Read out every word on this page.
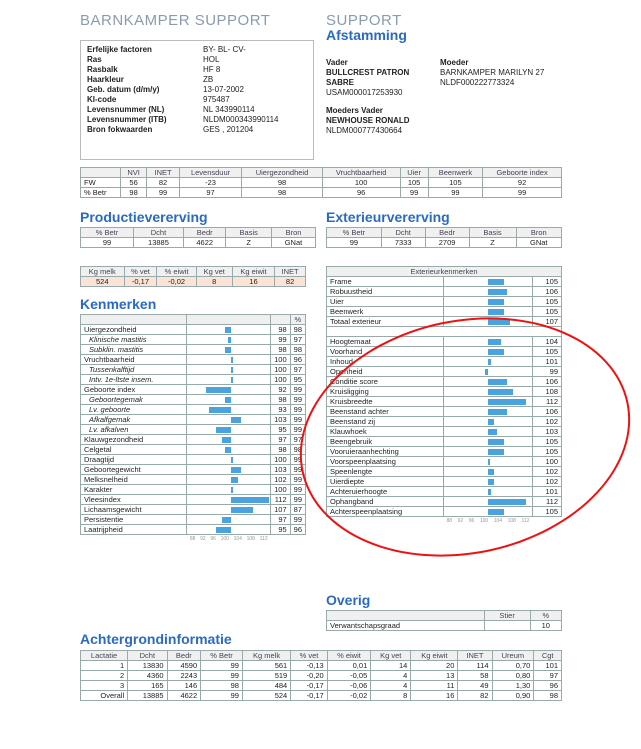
BARNKAMPER SUPPORT	SUPPORT
Afstamming
Erfelijke factoren	BY- BL- CV-
Ras	HOL
Rasbalk	HF 8
Haarkleur	ZB
Geb. datum (d/m/y)	13-07-2002
KI-code	975487
Levensnummer (NL)	NL 343990114
Levensnummer (ITB)	NLDM000343990114
Bron fokwaarden	GES , 201204
Vader
BULLCREST PATRON
SABRE
USAM000017253930
Moeders Vader
NEWHOUSE RONALD
NLDM000777430664
Moeder
BARNKAMPER MARILYN 27
NLDF000222773324
	NVI	INET	Levensduur	Uiergezondheid	Vruchtbaarheid	Uier	Beenwerk	Geboorte index
FW	56	82	-23	98	100	105	105	92
% Betr	98	99	97	98	96	99	99	99
Productievererving
% Betr	Dcht	Bedr	Basis	Bron
99	13885	4622	Z	GNat
Exterieurvererving
% Betr	Dcht	Bedr	Basis	Bron
99	7333	2709	Z	GNat
Kg melk	% vet	% eiwit	Kg vet	Kg eiwit	INET
524	-0,17	-0,02	8	16	82
Kenmerken
			%
Uiergezondheid		98	98
Klinische mastitis		99	97
Subklin. mastitis		98	98
Vruchtbaarheid		100	96
Tussenkalftijd		100	97
Intv. 1e-ltste insem.		100	95
Geboorte index		92	99
Geboortegemak		98	99
Lv. geboorte		93	99
Afkalfgemak		103	99
Lv. afkalven		95	99
Klauwgezondheid		97	97
Celgetal		98	98
Draagtijd		100	99
Geboortegewicht		103	99
Melksnelheid		102	99
Karakter		100	99
Vleesindex		112	99
Lichaamsgewicht		107	87
Persistentie		97	99
Laatrijpheid		95	96

88 92 96 100 104 108 112
Exterieurkenmerken		
Frame		105
Robuustheid		106
Uier		105
Beenwerk		105
Totaal exterieur		107

Hoogtemaat		104
Voorhand		105
Inhoud		101
Openheid		99
Conditie score		106
Kruisligging		108
Kruisbreedte		112
Beenstand achter		106
Beenstand zij		102
Klauwhoek		103
Beengebruik		105
Vooruieraanhechting		105
Voorspeenplaatsing		100
Speenlengte		102
Uierdiepte		102
Achteruierhoogte		101
Ophangband		112
Achterspeenplaatsing		105

88 92 96 100 104 108 112
Overig
	Stier	%
Verwantschapsgraad		10
Achtergrondinformatie
Lactatie	Dcht	Bedr	% Betr	Kg melk	% vet	% eiwit	Kg vet	Kg eiwit	INET	Ureum	Cgt
1	13830	4590	99	561	-0,13	0,01	14	20	114	0,70	101
2	4360	2243	99	519	-0,20	-0,05	4	13	58	0,80	97
3	165	146	98	484	-0,17	-0,06	4	11	49	1,30	96
Overall	13885	4622	99	524	-0,17	-0,02	8	16	82	0,90	98
